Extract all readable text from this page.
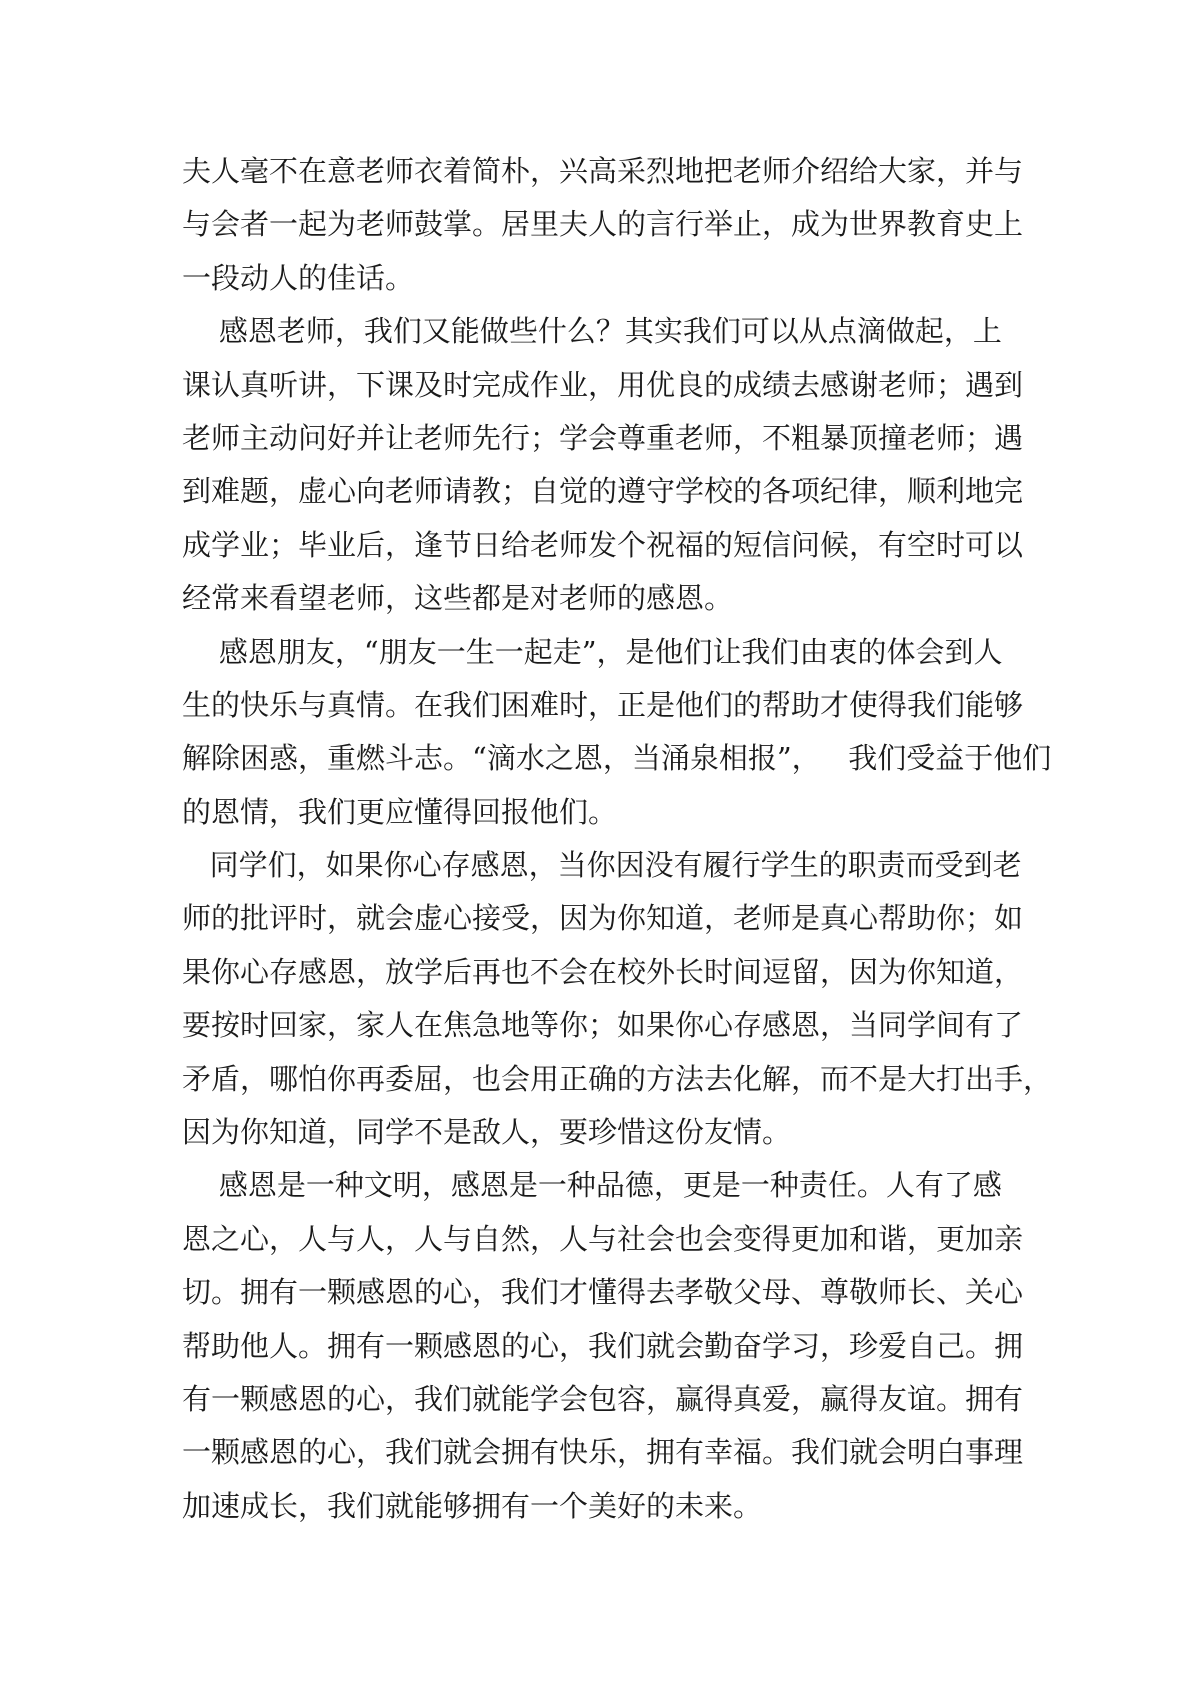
夫人毫不在意老师衣着简朴，兴高采烈地把老师介绍给大家，并与
与会者一起为老师鼓掌。居里夫人的言行举止，成为世界教育史上
一段动人的佳话。
感恩老师，我们又能做些什么？其实我们可以从点滴做起，上
课认真听讲，下课及时完成作业，用优良的成绩去感谢老师；遇到
老师主动问好并让老师先行；学会尊重老师，不粗暴顶撞老师；遇
到难题，虚心向老师请教；自觉的遵守学校的各项纪律，顺利地完
成学业；毕业后，逢节日给老师发个祝福的短信问候，有空时可以
经常来看望老师，这些都是对老师的感恩。
感恩朋友，“朋友一生一起走”，是他们让我们由衷的体会到人
生的快乐与真情。在我们困难时，正是他们的帮助才使得我们能够
解除困惑，重燃斗志。“滴水之恩，当涌泉相报”，   我们受益于他们
的恩情，我们更应懂得回报他们。
同学们，如果你心存感恩，当你因没有履行学生的职责而受到老
师的批评时，就会虚心接受，因为你知道，老师是真心帮助你；如
果你心存感恩，放学后再也不会在校外长时间逗留，因为你知道，
要按时回家，家人在焦急地等你；如果你心存感恩，当同学间有了
矛盾，哪怕你再委屈，也会用正确的方法去化解，而不是大打出手，
因为你知道，同学不是敌人，要珍惜这份友情。
感恩是一种文明，感恩是一种品德，更是一种责任。人有了感
恩之心，人与人，人与自然，人与社会也会变得更加和谐，更加亲
切。拥有一颗感恩的心，我们才懂得去孝敬父母、尊敬师长、关心
帮助他人。拥有一颗感恩的心，我们就会勤奋学习，珍爱自己。拥
有一颗感恩的心，我们就能学会包容，赢得真爱，赢得友谊。拥有
一颗感恩的心，我们就会拥有快乐，拥有幸福。我们就会明白事理
加速成长，我们就能够拥有一个美好的未来。
